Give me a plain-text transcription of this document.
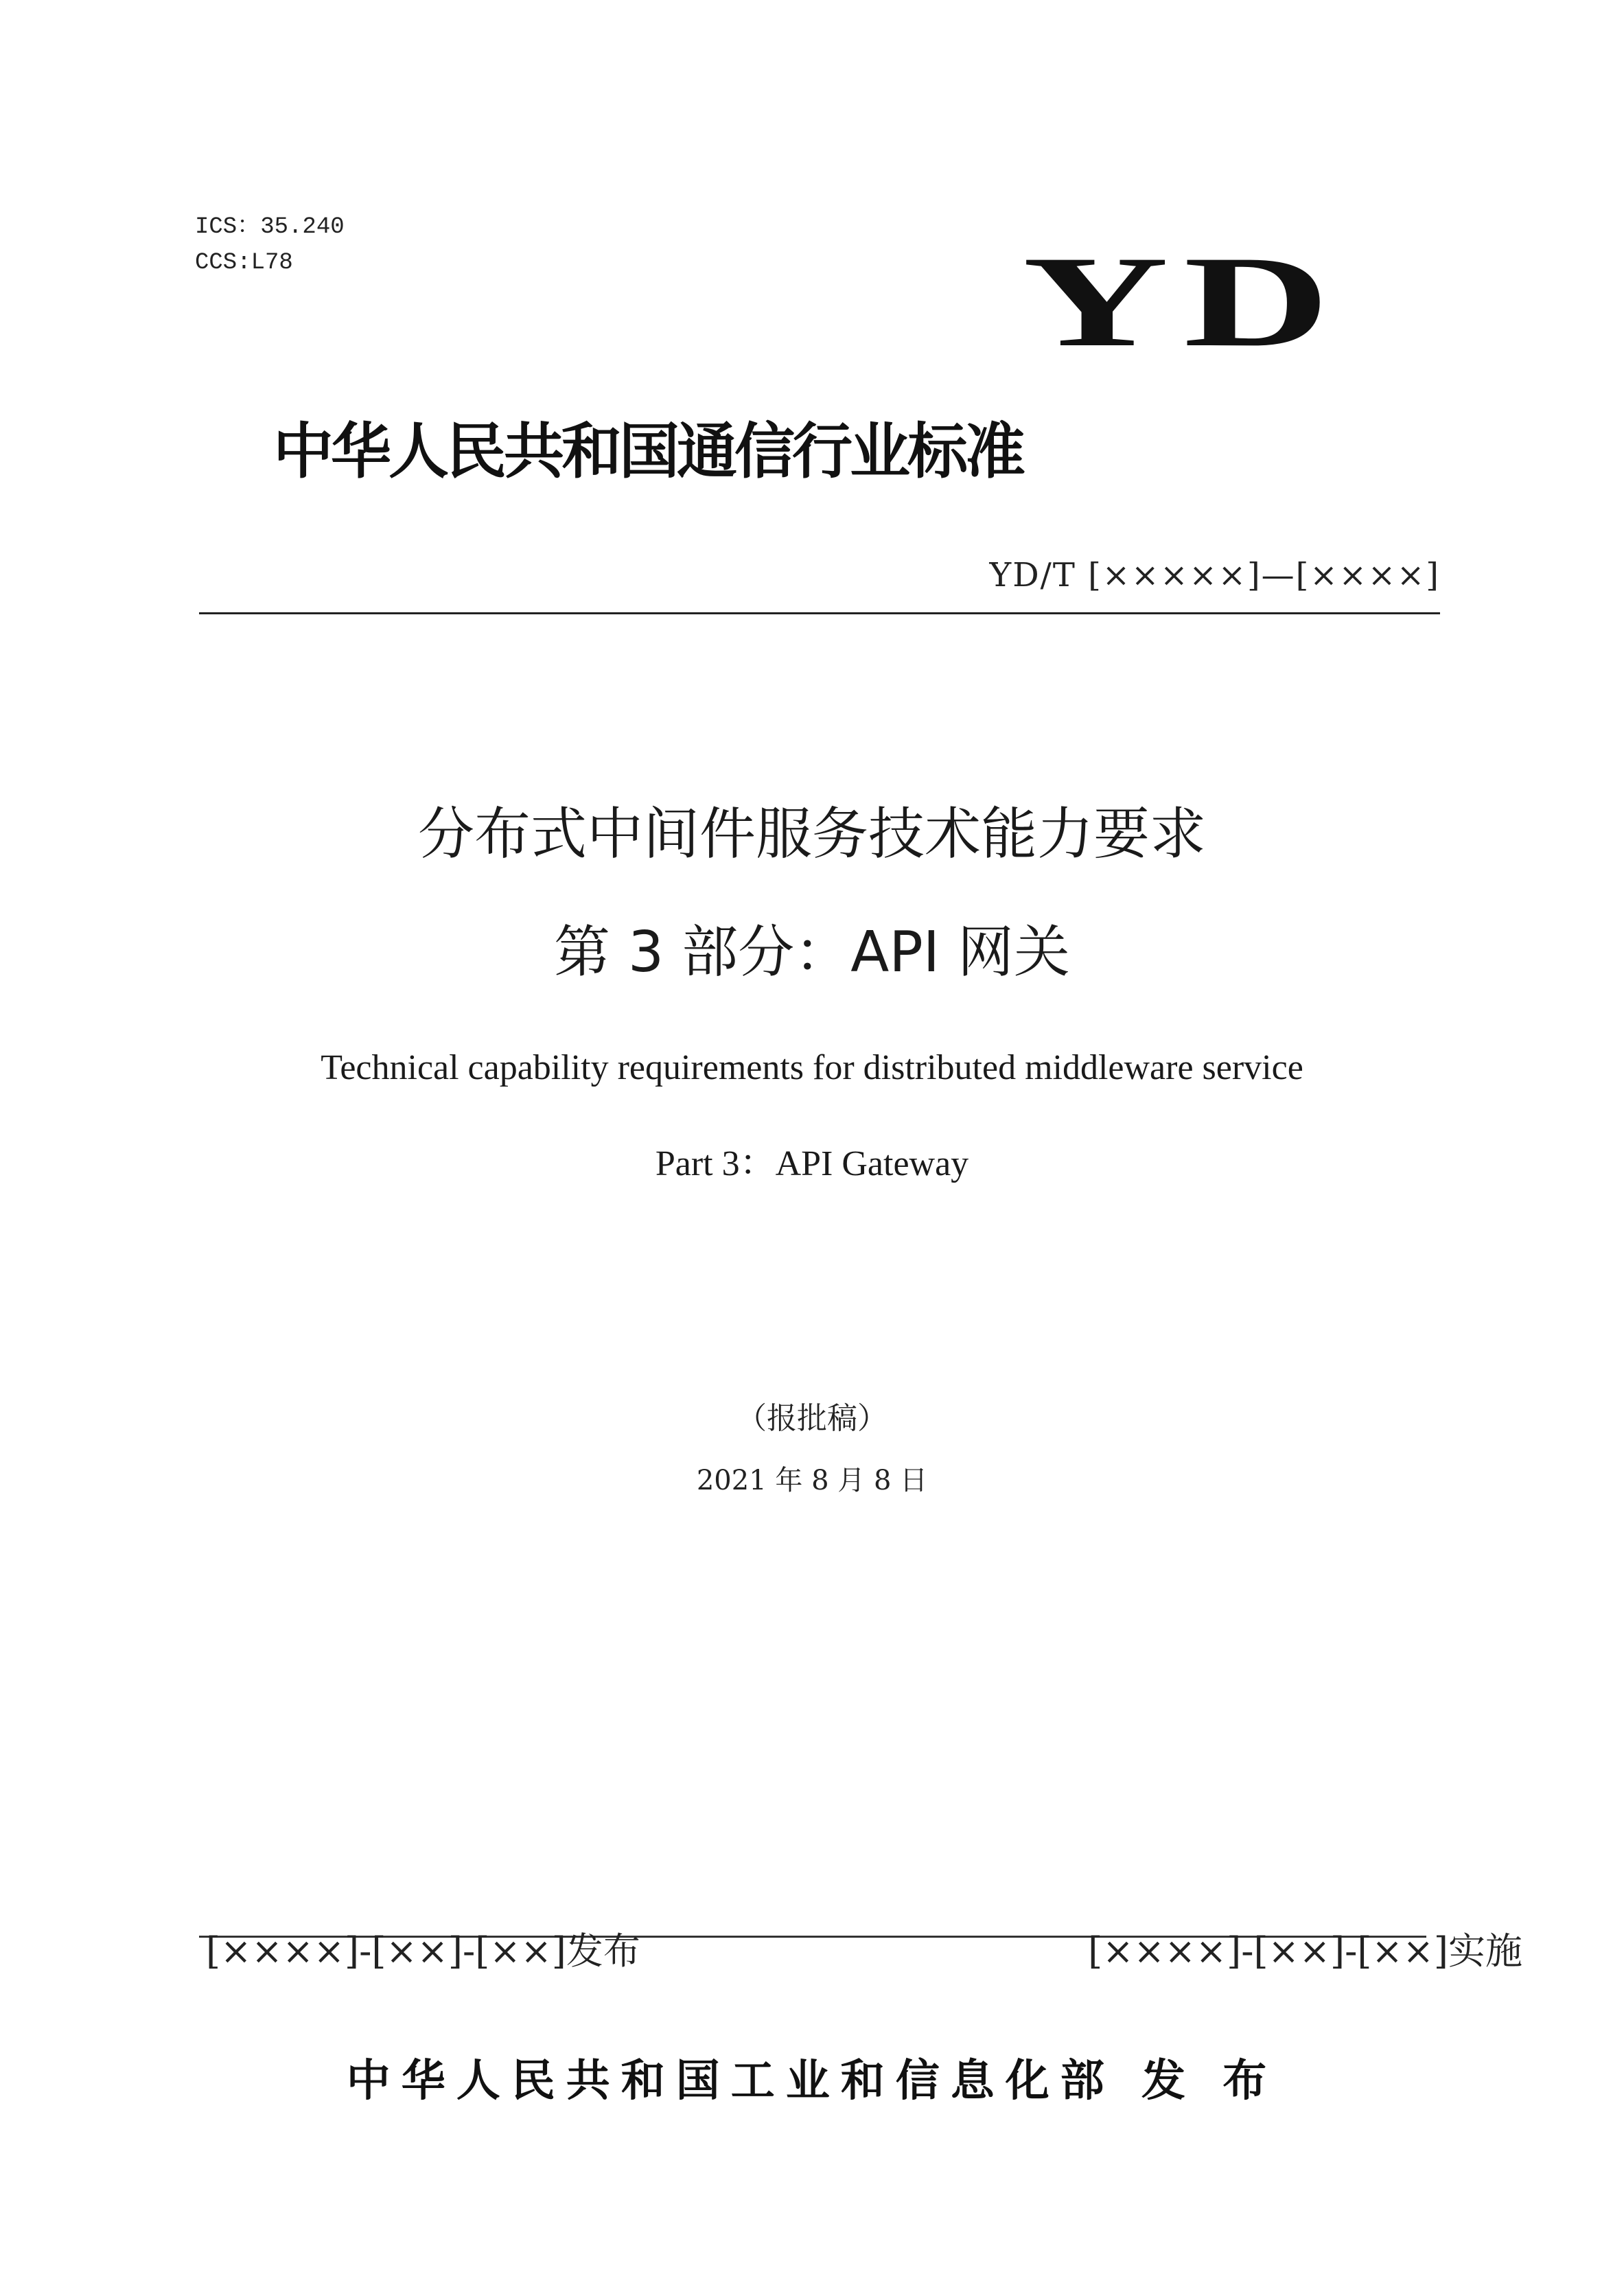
ICS：35.240
CCS:L78	YD
中华人民共和国通信行业标准
YD/T [×××××]—[××××]
分布式中间件服务技术能力要求
第 3 部分：API 网关
Technical capability requirements for distributed middleware service
Part 3：API Gateway
（报批稿）
2021 年 8 月 8 日
[××××]-[××]-[××]发布	[××××]-[××]-[××]实施
中华人民共和国工业和信息化部 发 布
